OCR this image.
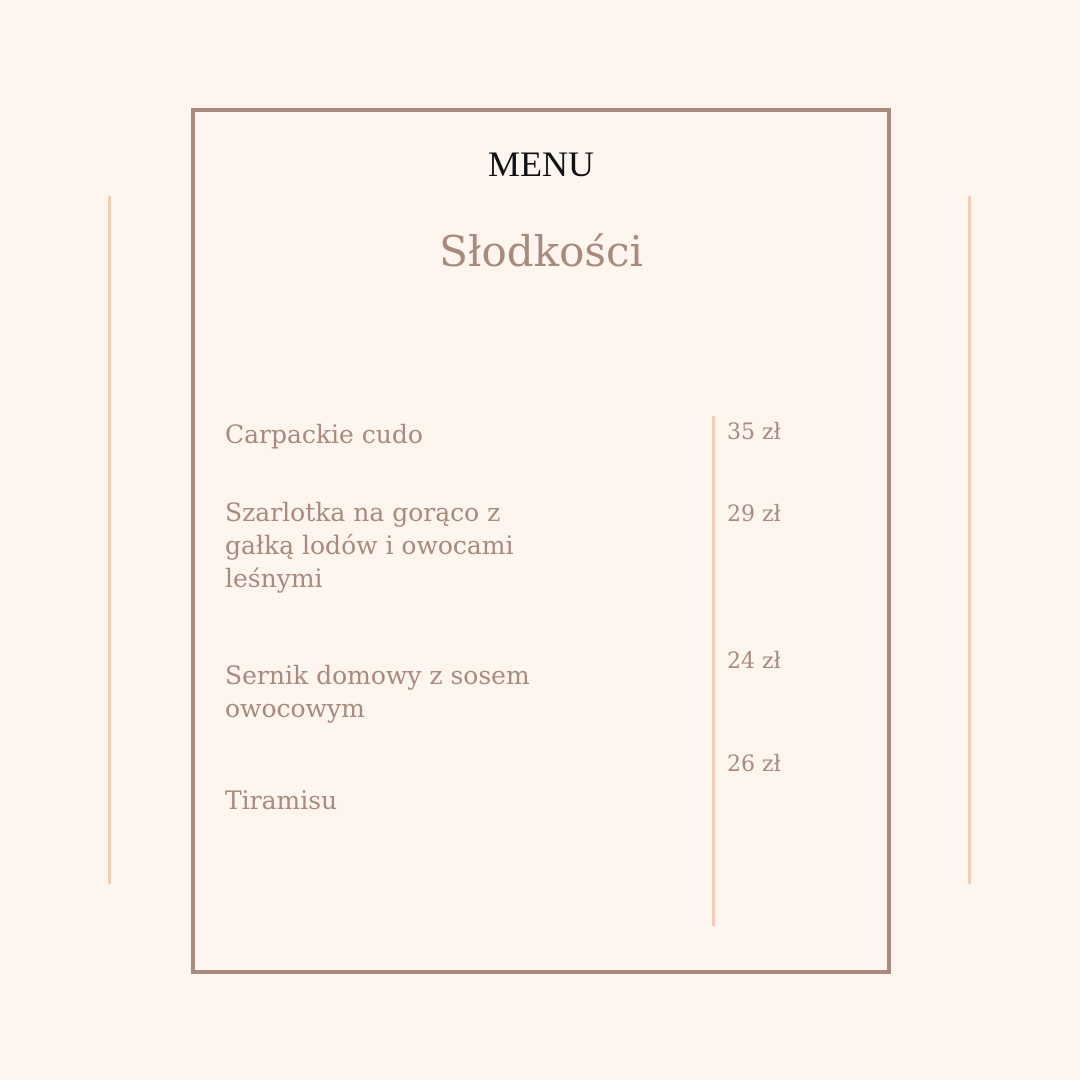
MENU
Słodkości
Carpackie cudo	35 zł
Szarlotka na gorąco z gałką lodów i owocami leśnymi
29 zł
Sernik domowy z sosem owocowym
24 zł
Tiramisu
26 zł
